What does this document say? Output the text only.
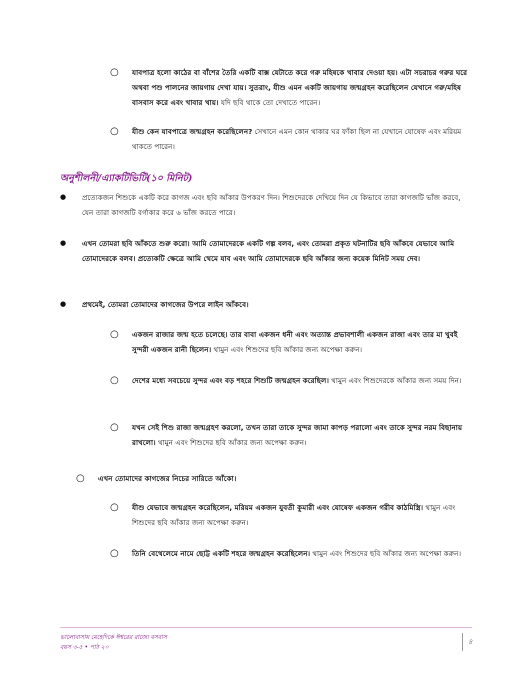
○	যাবপাত্র হলো কাঠের বা বাঁশের তৈরি একটি বাক্স যেটাতে করে গরু মহিষকে খাবার দেওয়া হয়। এটা সচরাচর গরুর ঘরে অথবা পশু পালনের জায়গায় দেখা যায়। সুতরাং, যীশু এমন একটি জায়গায় জন্মগ্রহন করেছিলেন যেখানে গরু/মহিষ বাসবাস করে এবং খাবার খায়। যদি ছবি থাকে তো দেখাতে পারেন।
○	যীশু কেন যাবপাত্রে জন্মগ্রহন করেছিলেন? সেখানে এমন কোন থাকার ঘর ফাঁকা ছিল না যেখানে যোষেফ এবং মরিয়ম থাকতে পারেন।
অনুশীলনী/এ্যাকটিভিটি(১০ মিনিট)
●	প্রত্যেকজন শিশুকে একটি করে কাগজ এবং ছবি আঁকার উপকরণ দিন। শিশুদেরকে দেখিয়ে দিন যে কিভাবে তারা কাগজটি ভাঁজ করবে, যেন তারা কাগজটি বর্গাকার করে ৬ ভাঁজ করতে পারে।
●	এখন তোমরা ছবি আঁকতে শুরু করো। আমি তোমাদেরকে একটি গল্প বলব, এবং তোমরা প্রকৃত ঘটনাটির ছবি আঁকবে যেভাবে আমি তোমাদেরকে বলব। প্রত্যেকটি ক্ষেত্রে আমি থেমে যাব এবং আমি তোমাদেরকে ছবি আঁকার জন্য কয়েক মিনিট সময় দেব।
●	প্রথমেই, তোমরা তোমাদের কাগজের উপরে লাইন আঁকবে।
○	একজন রাজার জন্ম হতে চলেছে। তার বাবা একজন ধনী এবং অত্যান্ত প্রভাবশালী একজন রাজা এবং তার মা খুবই সুন্দরী একজন রানী ছিলেন। থামুন এবং শিশুদের ছবি আঁকার জন্য অপেক্ষা করুন।
○	দেশের মধ্যে সবচেয়ে সুন্দর এবং বড় শহরে শিশুটি জন্মগ্রহন করেছিল। থামুন এবং শিশুদেরকে আঁকার জন্য সময় দিন।
○	যখন সেই শিশু রাজা জন্মগ্রহণ করলো, তখন তারা তাকে সুন্দর জামা কাপড় পরালো এবং তাকে সুন্দর নরম বিছানায় রাখলো। থামুন এবং শিশুদের ছবি আঁকার জন্য অপেক্ষা করুন।
○	এখন তোমাদের কাগজের নিচের সারিতে আঁকো।
○	যীশু যেভাবে জন্মগ্রহন করেছিলেন, মরিয়ম একজন যুবতী কুমারী এবং যোষেফ একজন গরীব কাঠমিস্ত্রি। থামুন এবং শিশুদের ছবি আঁকার জন্য অপেক্ষা করুন।
○	তিনি বেথেলেমে নামে ছোট্ট একটি শহরে জন্মগ্রহন করেছিলেন। থামুন এবং শিশুদের ছবি আঁকার জন্য অপেক্ষা করুন।
ভালোবাসায় মেহেদিকে ঈশ্বরের রাজ্যে বসবাস
বয়স ৩-৫ • পাঠ ২০
৪
